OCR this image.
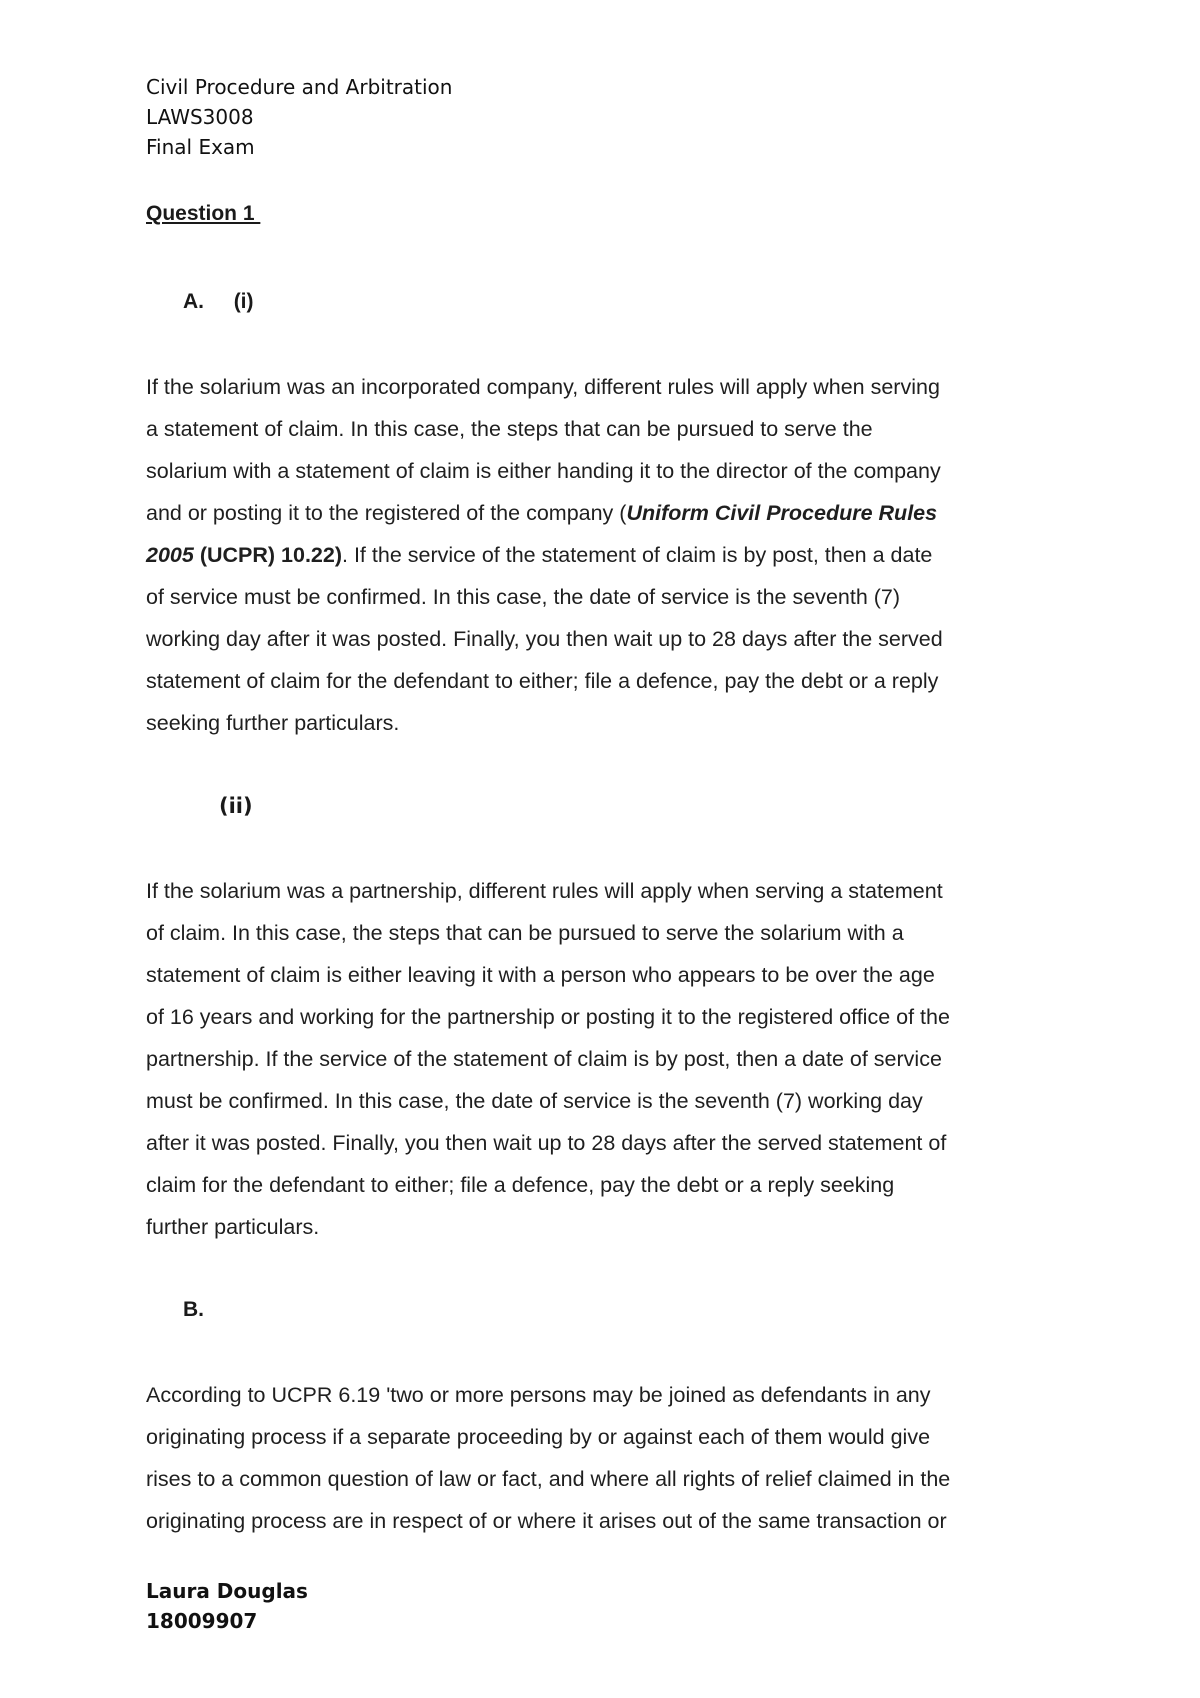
Civil Procedure and Arbitration
LAWS3008
Final Exam
Question 1
A. (i)
If the solarium was an incorporated company, different rules will apply when serving
a statement of claim. In this case, the steps that can be pursued to serve the
solarium with a statement of claim is either handing it to the director of the company
and or posting it to the registered of the company (Uniform Civil Procedure Rules
2005 (UCPR) 10.22). If the service of the statement of claim is by post, then a date
of service must be confirmed. In this case, the date of service is the seventh (7)
working day after it was posted. Finally, you then wait up to 28 days after the served
statement of claim for the defendant to either; file a defence, pay the debt or a reply
seeking further particulars.
(ii)
If the solarium was a partnership, different rules will apply when serving a statement
of claim. In this case, the steps that can be pursued to serve the solarium with a
statement of claim is either leaving it with a person who appears to be over the age
of 16 years and working for the partnership or posting it to the registered office of the
partnership. If the service of the statement of claim is by post, then a date of service
must be confirmed. In this case, the date of service is the seventh (7) working day
after it was posted. Finally, you then wait up to 28 days after the served statement of
claim for the defendant to either; file a defence, pay the debt or a reply seeking
further particulars.
B.
According to UCPR 6.19 'two or more persons may be joined as defendants in any
originating process if a separate proceeding by or against each of them would give
rises to a common question of law or fact, and where all rights of relief claimed in the
originating process are in respect of or where it arises out of the same transaction or
Laura Douglas
18009907
